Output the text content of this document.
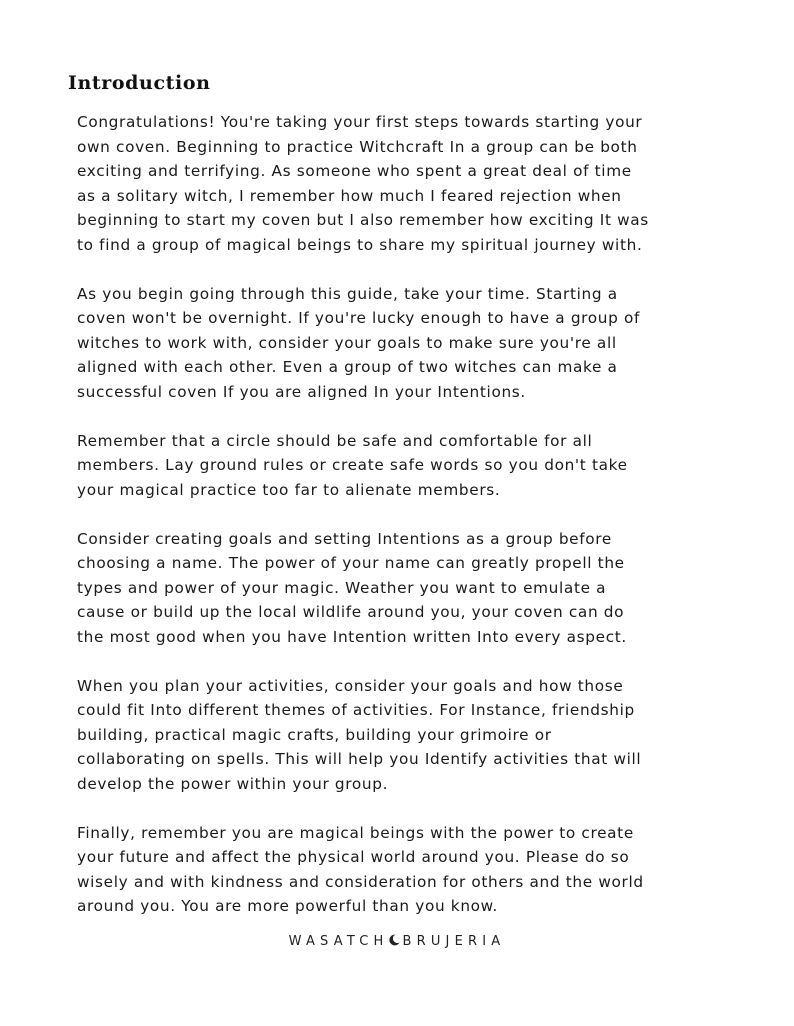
Introduction

Congratulations! You're taking your first steps towards starting your
own coven. Beginning to practice Witchcraft In a group can be both
exciting and terrifying. As someone who spent a great deal of time
as a solitary witch, I remember how much I feared rejection when
beginning to start my coven but I also remember how exciting It was
to find a group of magical beings to share my spiritual journey with.

As you begin going through this guide, take your time. Starting a
coven won't be overnight. If you're lucky enough to have a group of
witches to work with, consider your goals to make sure you're all
aligned with each other. Even a group of two witches can make a
successful coven If you are aligned In your Intentions.

Remember that a circle should be safe and comfortable for all
members. Lay ground rules or create safe words so you don't take
your magical practice too far to alienate members.

Consider creating goals and setting Intentions as a group before
choosing a name. The power of your name can greatly propell the
types and power of your magic. Weather you want to emulate a
cause or build up the local wildlife around you, your coven can do
the most good when you have Intention written Into every aspect.

When you plan your activities, consider your goals and how those
could fit Into different themes of activities. For Instance, friendship
building, practical magic crafts, building your grimoire or
collaborating on spells. This will help you Identify activities that will
develop the power within your group.

Finally, remember you are magical beings with the power to create
your future and affect the physical world around you. Please do so
wisely and with kindness and consideration for others and the world
around you. You are more powerful than you know.

WASATCH BRUJERIA
